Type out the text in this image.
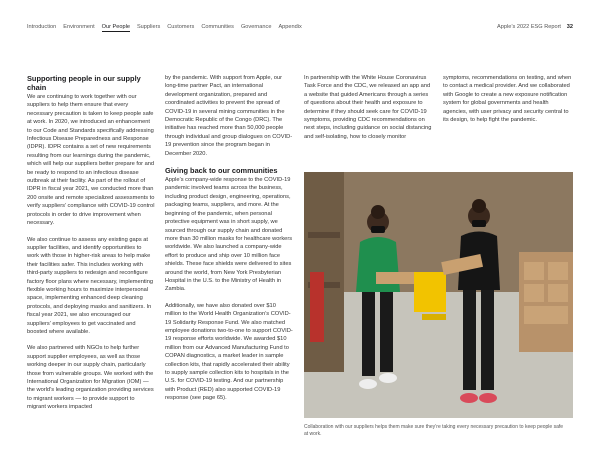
Introduction Environment Our People Suppliers Customers Communities Governance Appendix	Apple’s 2022 ESG Report 32
Supporting people in our supply chain

We are continuing to work together with our suppliers to help them ensure that every necessary precaution is taken to keep people safe at work. In 2020, we introduced an enhancement to our Code and Standards specifically addressing Infectious Disease Preparedness and Response (IDPR). IDPR contains a set of new requirements resulting from our learnings during the pandemic, which will help our suppliers better prepare for and be ready to respond to an infectious disease outbreak at their facility. As part of the rollout of IDPR in fiscal year 2021, we conducted more than 200 onsite and remote specialized assessments to verify suppliers’ compliance with COVID-19 control protocols in order to drive improvement when necessary.

We also continue to assess any existing gaps at supplier facilities, and identify opportunities to work with those in higher-risk areas to help make their facilities safer. This includes working with third-party suppliers to redesign and reconfigure factory floor plans where necessary, implementing flexible working hours to maximize interpersonal space, implementing enhanced deep cleaning protocols, and deploying masks and sanitizers. In fiscal year 2021, we also encouraged our suppliers’ employees to get vaccinated and boosted where available.

We also partnered with NGOs to help further support supplier employees, as well as those working deeper in our supply chain, particularly those from vulnerable groups. We worked with the International Organization for Migration (IOM) — the world’s leading organization providing services to migrant workers — to provide support to migrant workers impacted

by the pandemic. With support from Apple, our long-time partner Pact, an international development organization, prepared and coordinated activities to prevent the spread of COVID-19 in several mining communities in the Democratic Republic of the Congo (DRC). The initiative has reached more than 50,000 people through individual and group dialogues on COVID-19 prevention since the program began in December 2020.

Giving back to our communities

Apple’s company-wide response to the COVID-19 pandemic involved teams across the business, including product design, engineering, operations, packaging teams, suppliers, and more. At the beginning of the pandemic, when personal protective equipment was in short supply, we sourced through our supply chain and donated more than 30 million masks for healthcare workers worldwide. We also launched a company-wide effort to produce and ship over 10 million face shields. These face shields were delivered to sites around the world, from New York Presbyterian Hospital in the U.S. to the Ministry of Health in Zambia.

Additionally, we have also donated over $10 million to the World Health Organization’s COVID-19 Solidarity Response Fund. We also matched employee donations two-to-one to support COVID-19 response efforts worldwide. We awarded $10 million from our Advanced Manufacturing Fund to COPAN diagnostics, a market leader in sample collection kits, that rapidly accelerated their ability to supply sample collection kits to hospitals in the U.S. for COVID-19 testing. And our partnership with Product (RED) also supported COVID-19 response (see page 65).

In partnership with the White House Coronavirus Task Force and the CDC, we released an app and a website that guided Americans through a series of questions about their health and exposure to determine if they should seek care for COVID-19 symptoms, providing CDC recommendations on next steps, including guidance on social distancing and self-isolating, how to closely monitor

symptoms, recommendations on testing, and when to contact a medical provider. And we collaborated with Google to create a new exposure notification system for global governments and health agencies, with user privacy and security central to its design, to help fight the pandemic.

Collaboration with our suppliers helps them make sure they’re taking every necessary precaution to keep people safe at work.
